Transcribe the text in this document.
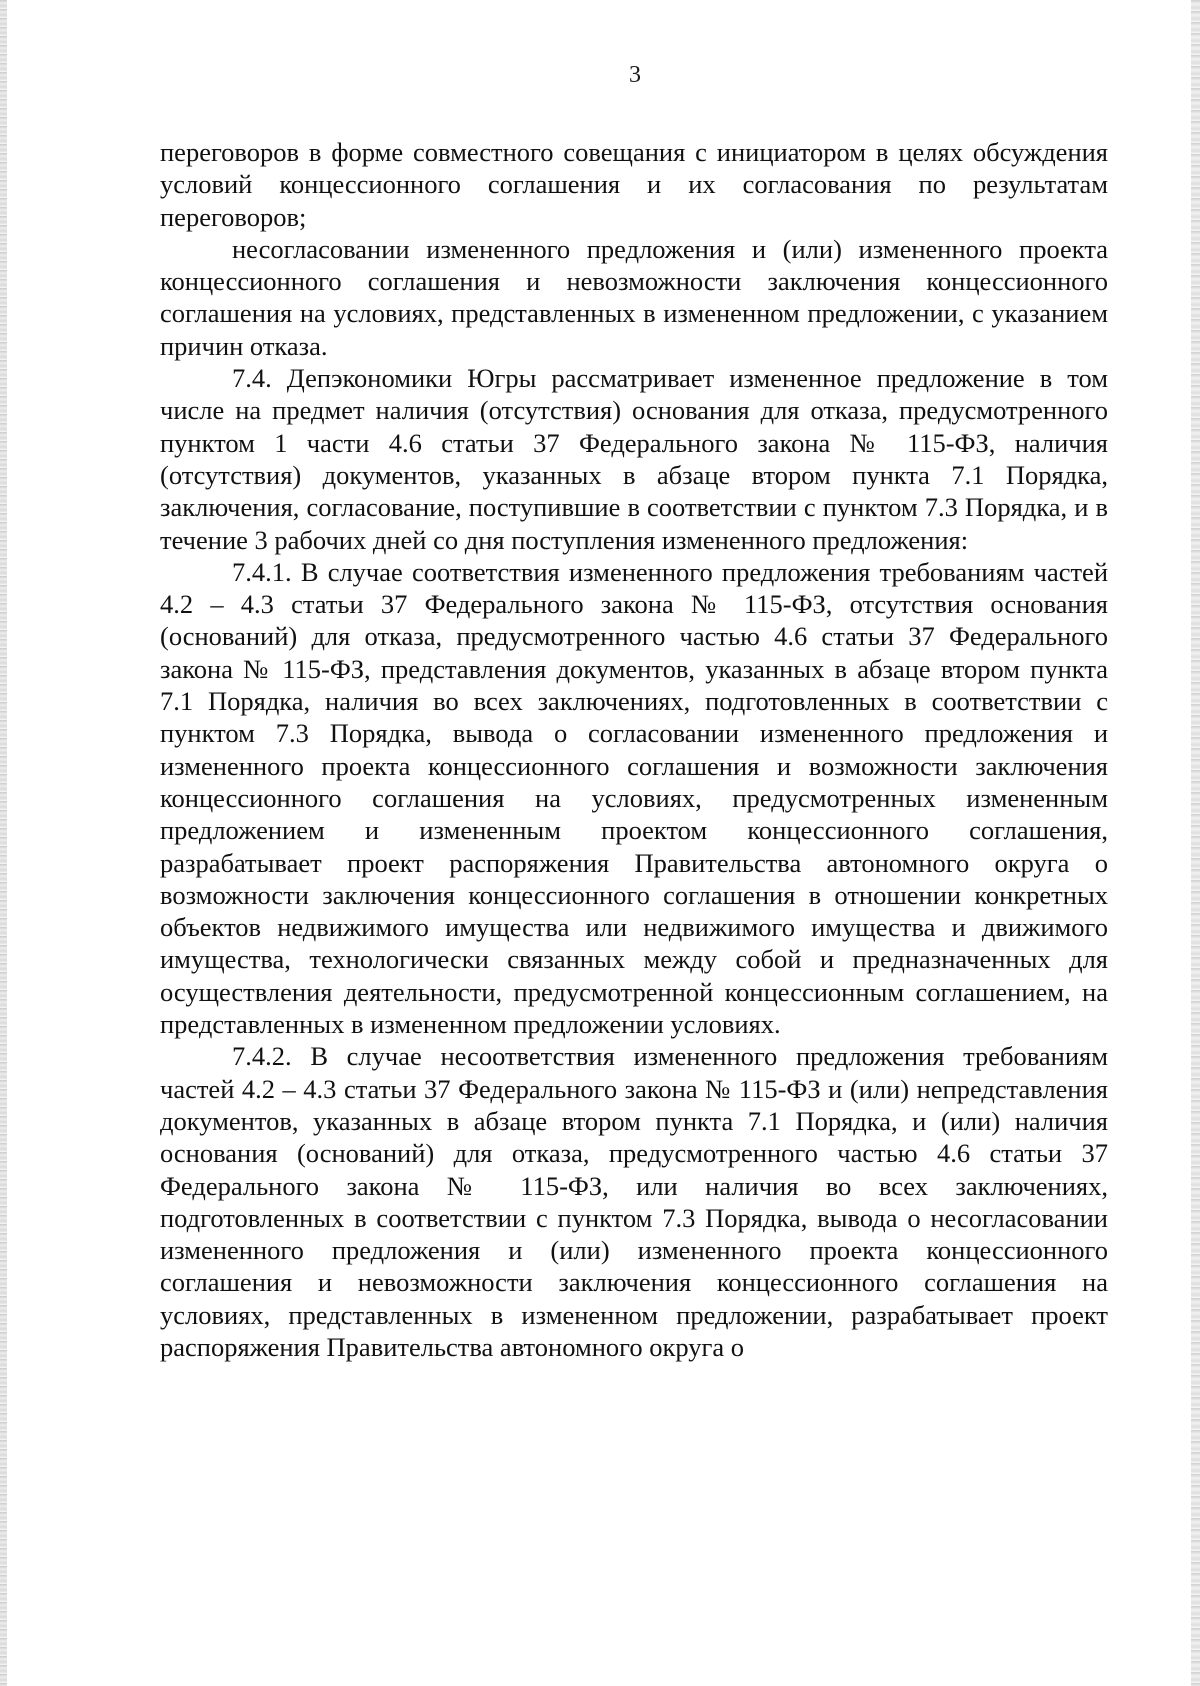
3

переговоров в форме совместного совещания с инициатором в целях обсуждения условий концессионного соглашения и их согласования по результатам переговоров;

несогласовании измененного предложения и (или) измененного проекта концессионного соглашения и невозможности заключения концессионного соглашения на условиях, представленных в измененном предложении, с указанием причин отказа.

7.4. Депэкономики Югры рассматривает измененное предложение в том числе на предмет наличия (отсутствия) основания для отказа, предусмотренного пунктом 1 части 4.6 статьи 37 Федерального закона № 115-ФЗ, наличия (отсутствия) документов, указанных в абзаце втором пункта 7.1 Порядка, заключения, согласование, поступившие в соответствии с пунктом 7.3 Порядка, и в течение 3 рабочих дней со дня поступления измененного предложения:

7.4.1. В случае соответствия измененного предложения требованиям частей 4.2 – 4.3 статьи 37 Федерального закона № 115-ФЗ, отсутствия основания (оснований) для отказа, предусмотренного частью 4.6 статьи 37 Федерального закона № 115-ФЗ, представления документов, указанных в абзаце втором пункта 7.1 Порядка, наличия во всех заключениях, подготовленных в соответствии с пунктом 7.3 Порядка, вывода о согласовании измененного предложения и измененного проекта концессионного соглашения и возможности заключения концессионного соглашения на условиях, предусмотренных измененным предложением и измененным проектом концессионного соглашения, разрабатывает проект распоряжения Правительства автономного округа о возможности заключения концессионного соглашения в отношении конкретных объектов недвижимого имущества или недвижимого имущества и движимого имущества, технологически связанных между собой и предназначенных для осуществления деятельности, предусмотренной концессионным соглашением, на представленных в измененном предложении условиях.

7.4.2. В случае несоответствия измененного предложения требованиям частей 4.2 – 4.3 статьи 37 Федерального закона № 115-ФЗ и (или) непредставления документов, указанных в абзаце втором пункта 7.1 Порядка, и (или) наличия основания (оснований) для отказа, предусмотренного частью 4.6 статьи 37 Федерального закона № 115-ФЗ, или наличия во всех заключениях, подготовленных в соответствии с пунктом 7.3 Порядка, вывода о несогласовании измененного предложения и (или) измененного проекта концессионного соглашения и невозможности заключения концессионного соглашения на условиях, представленных в измененном предложении, разрабатывает проект распоряжения Правительства автономного округа о
